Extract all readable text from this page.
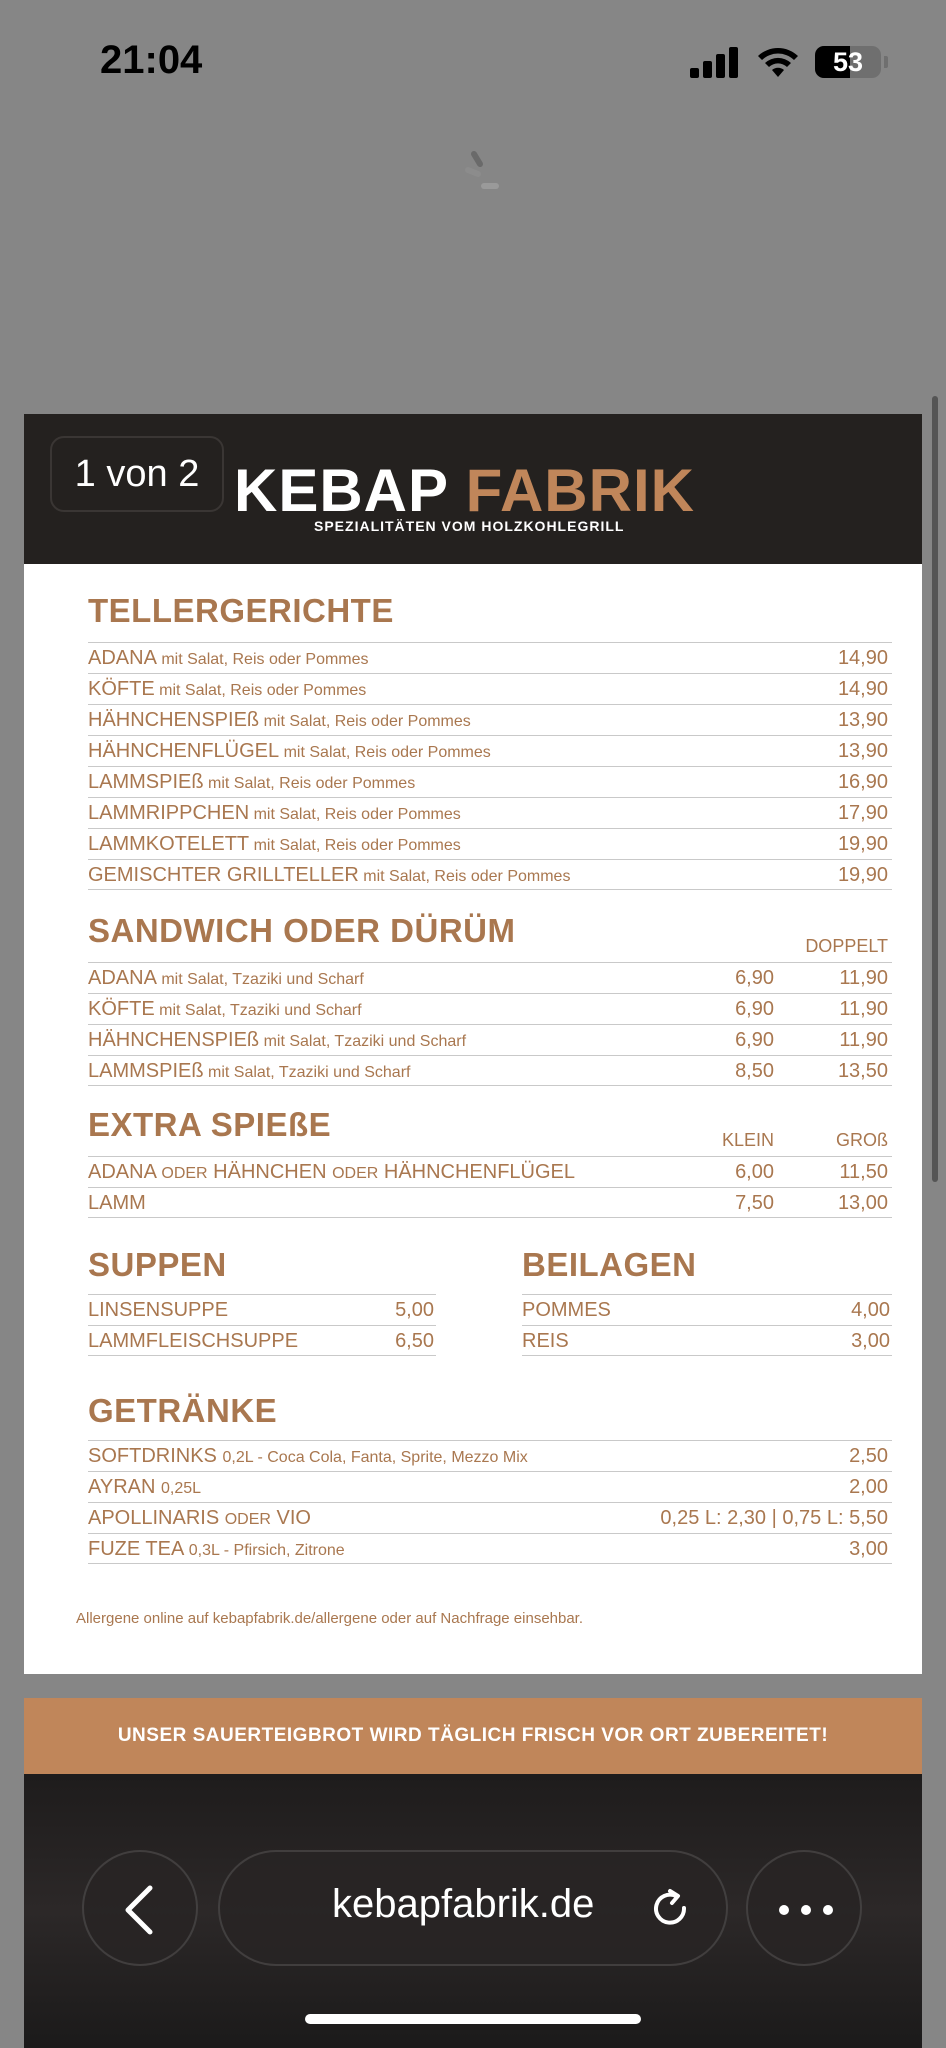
21:04	53
KEBAP FABRIK
SPEZIALITÄTEN VOM HOLZKOHLEGRILL
1 von 2
TELLERGERICHTE
ADANA mit Salat, Reis oder Pommes	14,90
KÖFTE mit Salat, Reis oder Pommes	14,90
HÄHNCHENSPIEß mit Salat, Reis oder Pommes	13,90
HÄHNCHENFLÜGEL mit Salat, Reis oder Pommes	13,90
LAMMSPIEß mit Salat, Reis oder Pommes	16,90
LAMMRIPPCHEN mit Salat, Reis oder Pommes	17,90
LAMMKOTELETT mit Salat, Reis oder Pommes	19,90
GEMISCHTER GRILLTELLER mit Salat, Reis oder Pommes	19,90
SANDWICH ODER DÜRÜM	DOPPELT
ADANA mit Salat, Tzaziki und Scharf	6,90	11,90
KÖFTE mit Salat, Tzaziki und Scharf	6,90	11,90
HÄHNCHENSPIEß mit Salat, Tzaziki und Scharf	6,90	11,90
LAMMSPIEß mit Salat, Tzaziki und Scharf	8,50	13,50
EXTRA SPIEßE	KLEIN	GROß
ADANA ODER HÄHNCHEN ODER HÄHNCHENFLÜGEL	6,00	11,50
LAMM	7,50	13,00
SUPPEN
LINSENSUPPE	5,00
LAMMFLEISCHSUPPE	6,50
BEILAGEN
POMMES	4,00
REIS	3,00
GETRÄNKE
SOFTDRINKS 0,2L - Coca Cola, Fanta, Sprite, Mezzo Mix	2,50
AYRAN 0,25L	2,00
APOLLINARIS ODER VIO	0,25 L: 2,30 | 0,75 L: 5,50
FUZE TEA 0,3L - Pfirsich, Zitrone	3,00
Allergene online auf kebapfabrik.de/allergene oder auf Nachfrage einsehbar.
UNSER SAUERTEIGBROT WIRD TÄGLICH FRISCH VOR ORT ZUBEREITET!
kebapfabrik.de
